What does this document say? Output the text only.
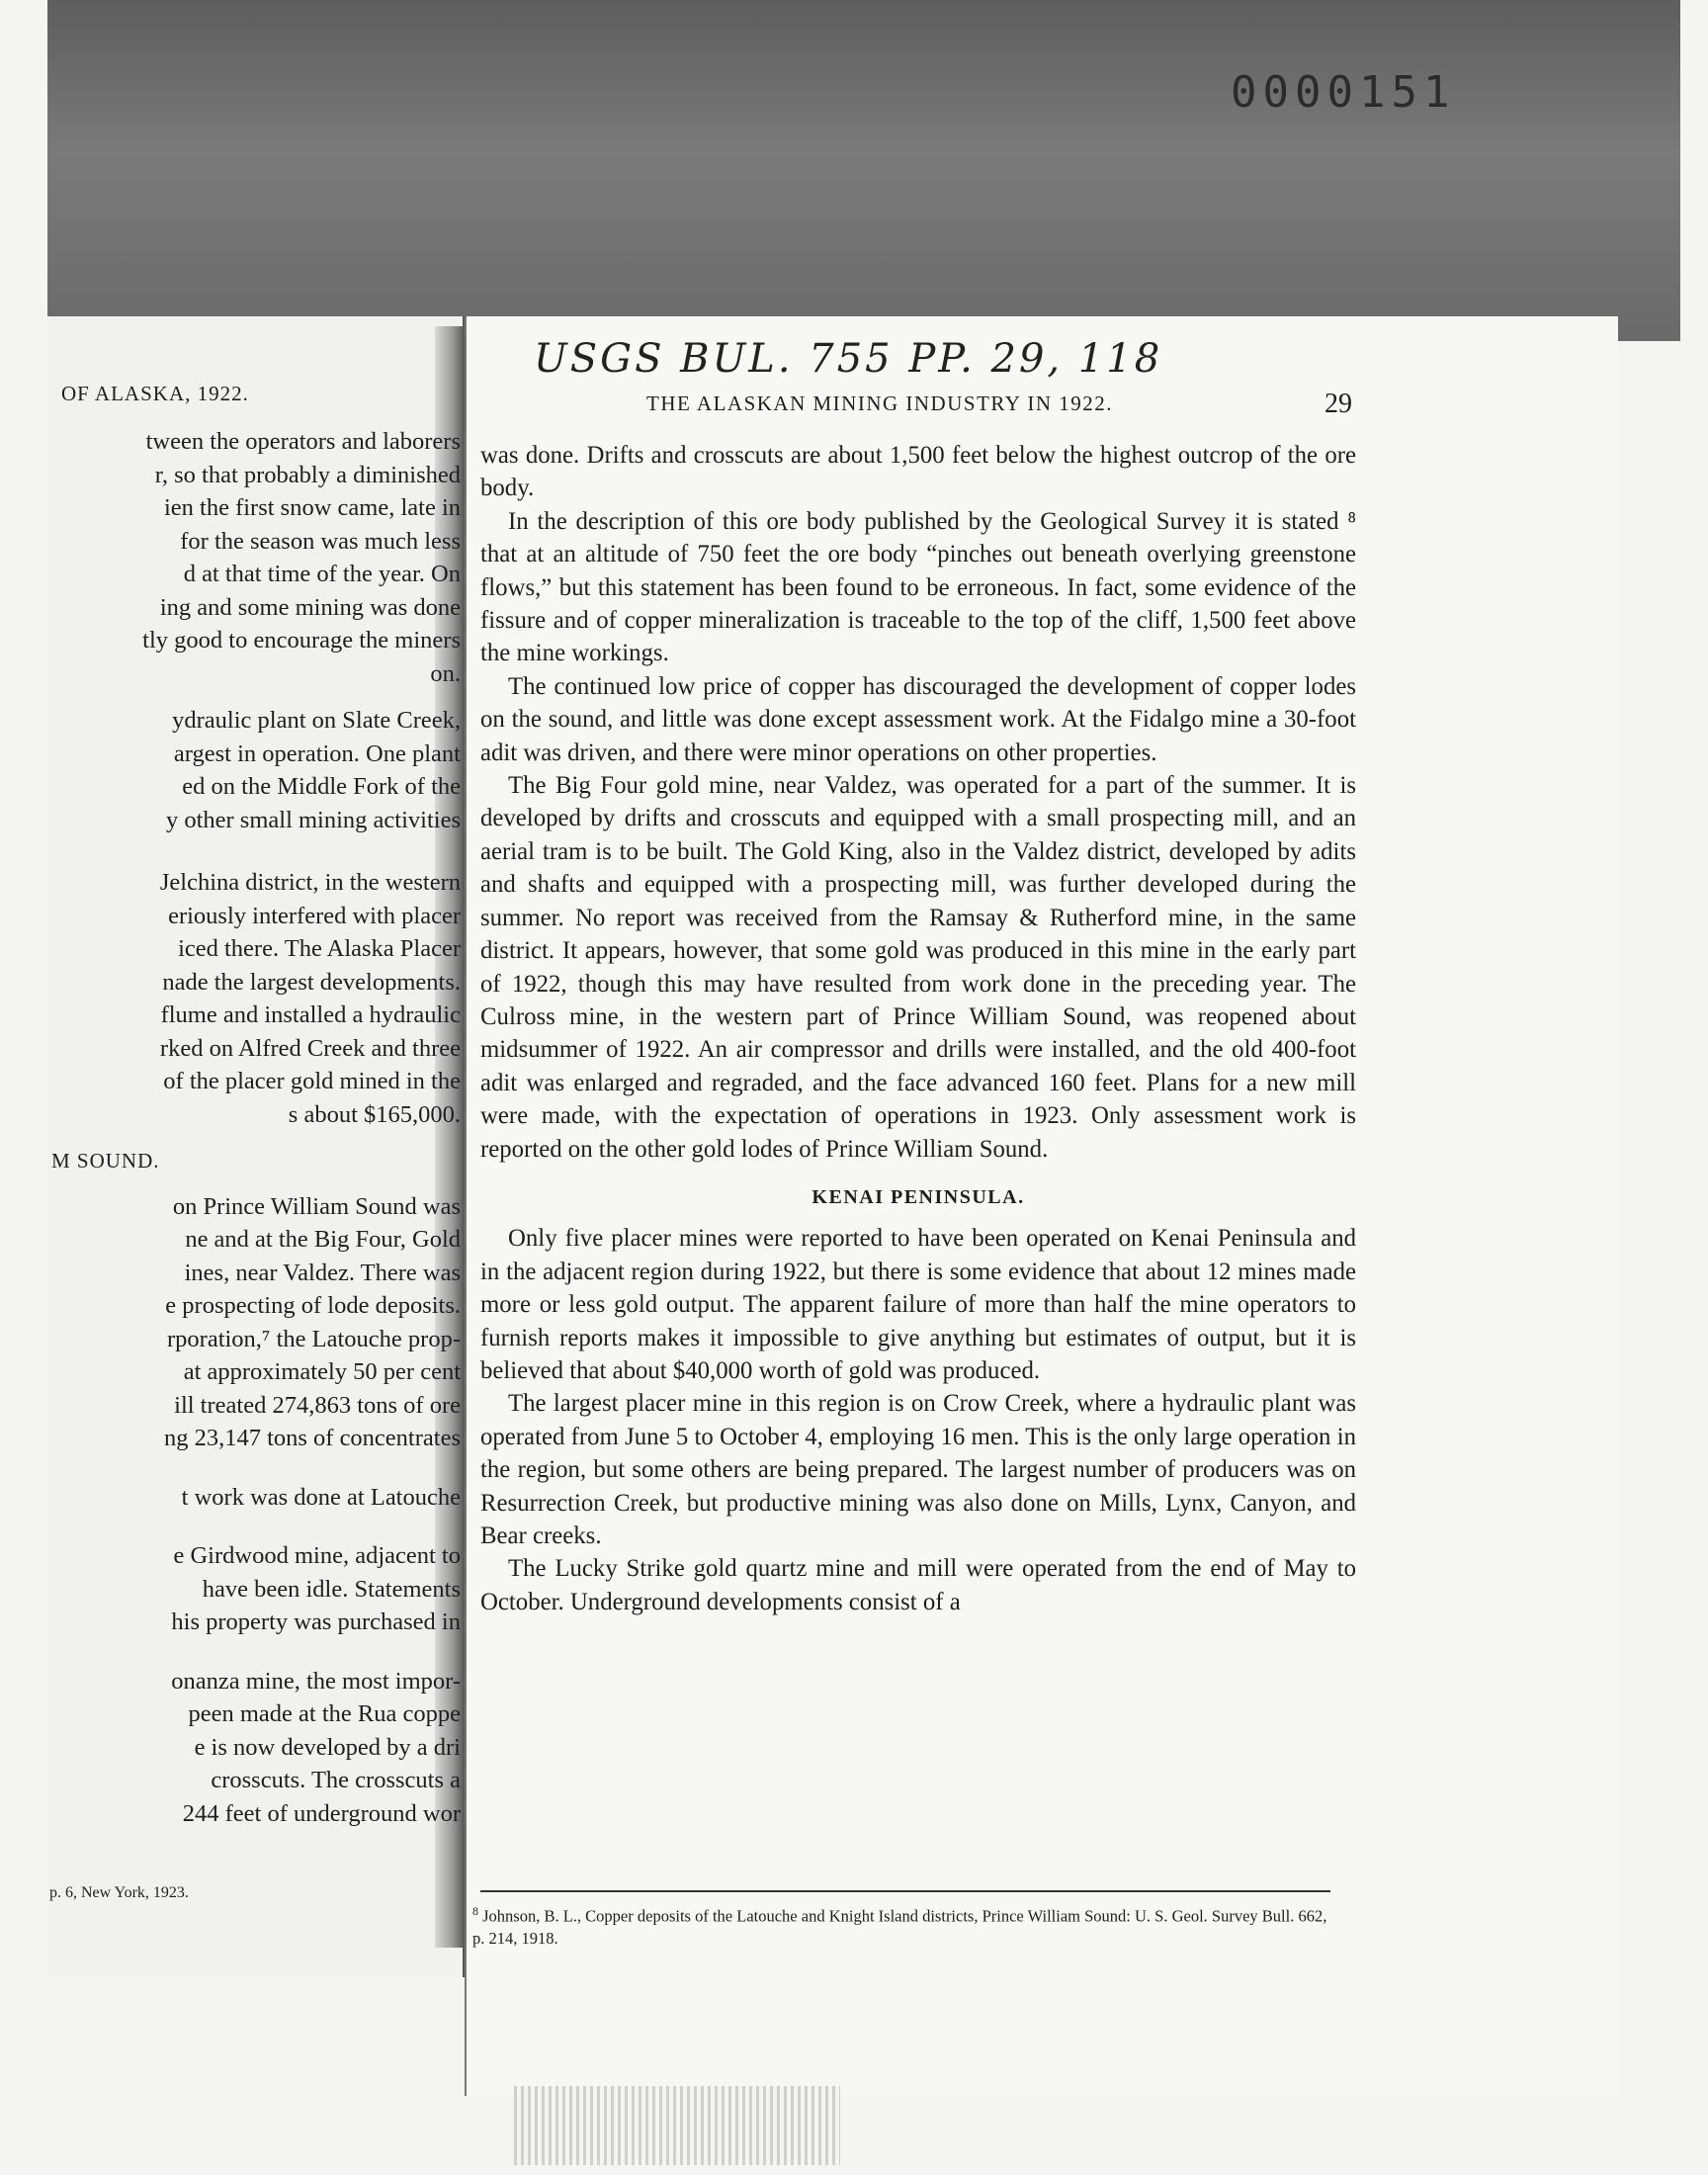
0000151
USGS BUL. 755 PP. 29, 118
OF ALASKA, 1922.

tween the operators and laborers

r, so that probably a diminished

ien the first snow came, late in

for the season was much less

d at that time of the year. On

ing and some mining was done

tly good to encourage the miners

on.

ydraulic plant on Slate Creek,

argest in operation. One plant

ed on the Middle Fork of the

y other small mining activities

Jelchina district, in the western

eriously interfered with placer

iced there. The Alaska Placer

nade the largest developments.

flume and installed a hydraulic

rked on Alfred Creek and three

of the placer gold mined in the

s about $165,000.

M SOUND.

on Prince William Sound was

ne and at the Big Four, Gold

ines, near Valdez. There was

e prospecting of lode deposits.

rporation,⁷ the Latouche prop-

at approximately 50 per cent

ill treated 274,863 tons of ore

ng 23,147 tons of concentrates

t work was done at Latouche

e Girdwood mine, adjacent to

have been idle. Statements

his property was purchased in

onanza mine, the most impor-

peen made at the Rua coppe

e is now developed by a dri

crosscuts. The crosscuts a

244 feet of underground wor

p. 6, New York, 1923.
THE ALASKAN MINING INDUSTRY IN 1922.	29

was done. Drifts and crosscuts are about 1,500 feet below the highest outcrop of the ore body.

In the description of this ore body published by the Geological Survey it is stated ⁸ that at an altitude of 750 feet the ore body “pinches out beneath overlying greenstone flows,” but this statement has been found to be erroneous. In fact, some evidence of the fissure and of copper mineralization is traceable to the top of the cliff, 1,500 feet above the mine workings.

The continued low price of copper has discouraged the development of copper lodes on the sound, and little was done except assessment work. At the Fidalgo mine a 30-foot adit was driven, and there were minor operations on other properties.

The Big Four gold mine, near Valdez, was operated for a part of the summer. It is developed by drifts and crosscuts and equipped with a small prospecting mill, and an aerial tram is to be built. The Gold King, also in the Valdez district, developed by adits and shafts and equipped with a prospecting mill, was further developed during the summer. No report was received from the Ramsay & Rutherford mine, in the same district. It appears, however, that some gold was produced in this mine in the early part of 1922, though this may have resulted from work done in the preceding year. The Culross mine, in the western part of Prince William Sound, was reopened about midsummer of 1922. An air compressor and drills were installed, and the old 400-foot adit was enlarged and regraded, and the face advanced 160 feet. Plans for a new mill were made, with the expectation of operations in 1923. Only assessment work is reported on the other gold lodes of Prince William Sound.

KENAI PENINSULA.

Only five placer mines were reported to have been operated on Kenai Peninsula and in the adjacent region during 1922, but there is some evidence that about 12 mines made more or less gold output. The apparent failure of more than half the mine operators to furnish reports makes it impossible to give anything but estimates of output, but it is believed that about $40,000 worth of gold was produced.

The largest placer mine in this region is on Crow Creek, where a hydraulic plant was operated from June 5 to October 4, employing 16 men. This is the only large operation in the region, but some others are being prepared. The largest number of producers was on Resurrection Creek, but productive mining was also done on Mills, Lynx, Canyon, and Bear creeks.

The Lucky Strike gold quartz mine and mill were operated from the end of May to October. Underground developments consist of a

$^8$ Johnson, B. L., Copper deposits of the Latouche and Knight Island districts, Prince William Sound: U. S. Geol. Survey Bull. 662, p. 214, 1918.
